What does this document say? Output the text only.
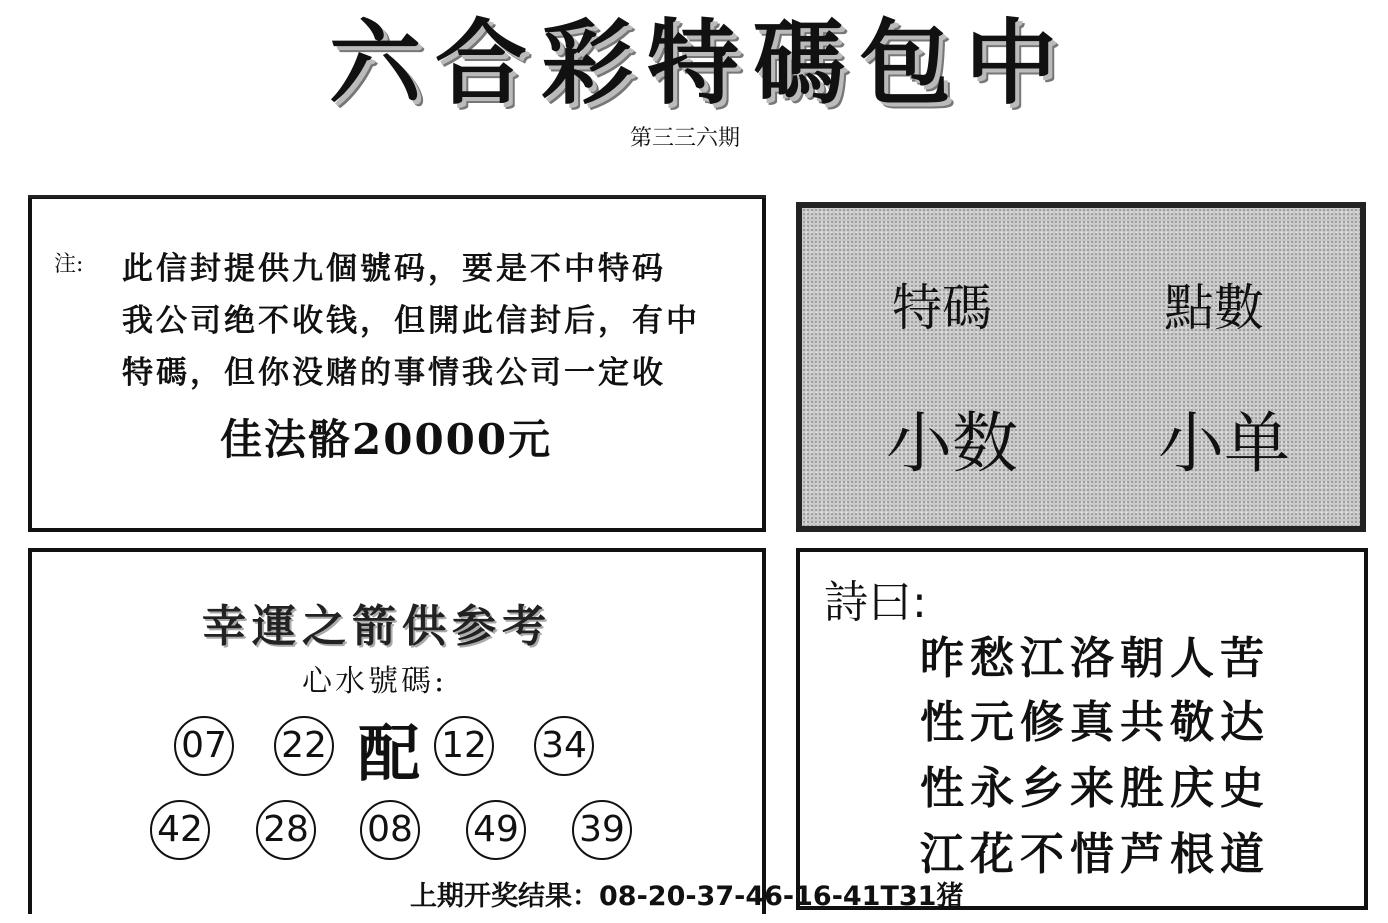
六合彩特碼包中
第三三六期
注: 此信封提供九個號码，要是不中特码
我公司绝不收钱，但開此信封后，有中
特碼，但你没赌的事情我公司一定收
佳法骼20000元
特碼	點數
小数 小单
幸運之箭供参考
心水號碼:
07 22 配 12 34
42 28 08 49 39
詩曰:
昨愁江洛朝人苦
性元修真共敬达
性永乡来胜庆史
江花不惜芦根道
上期开奖结果：08-20-37-46-16-41T31猪
